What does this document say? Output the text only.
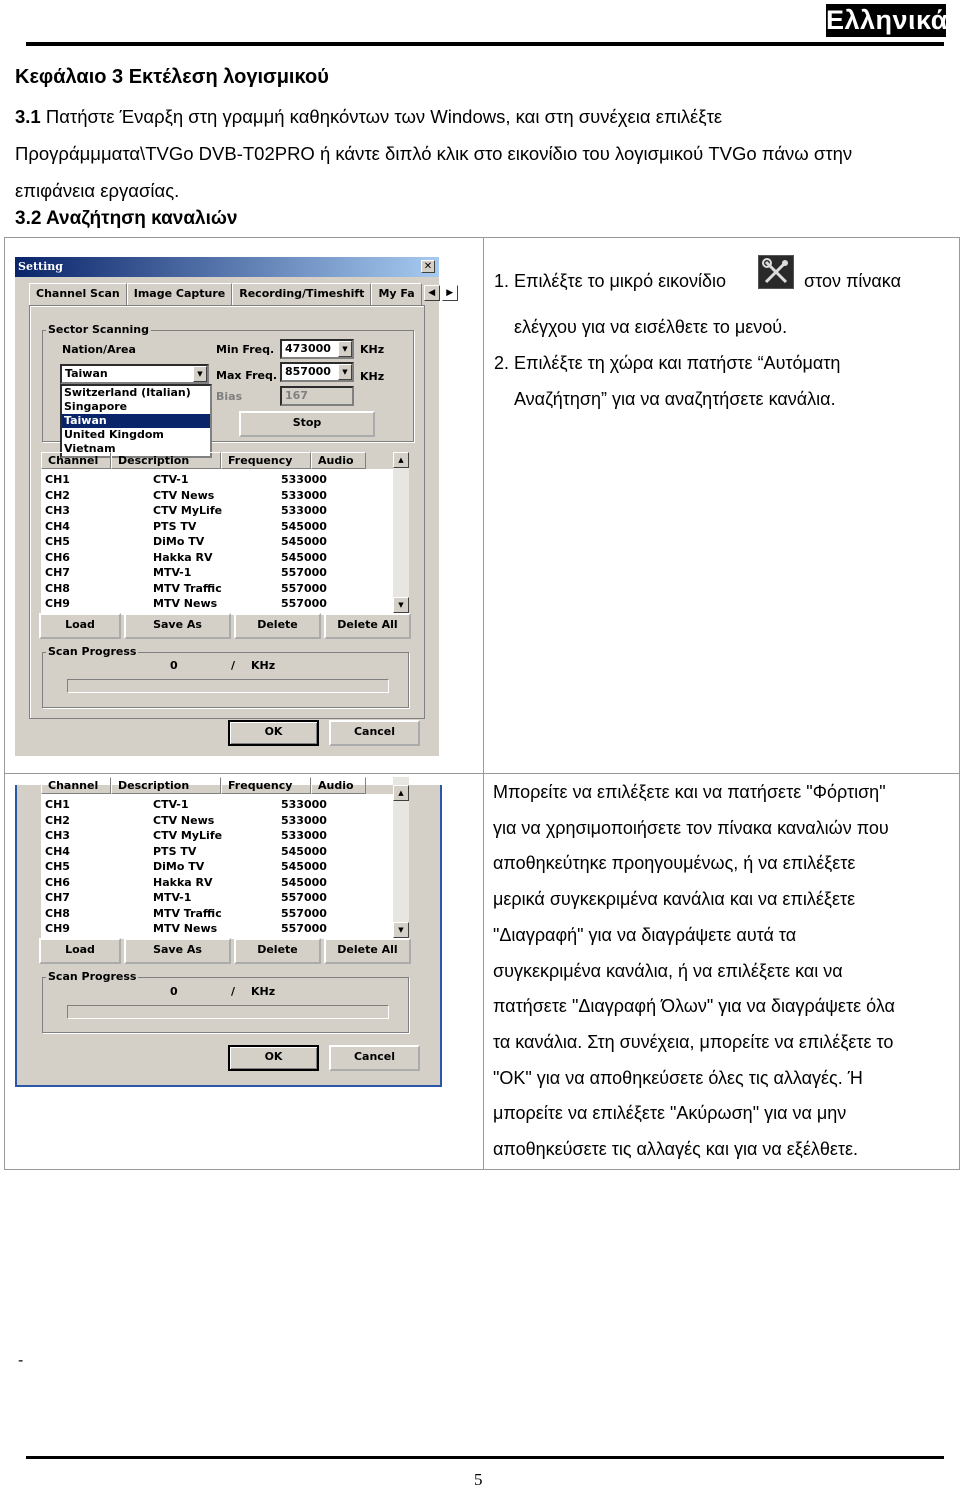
Ελληνικά
Κεφάλαιο 3 Εκτέλεση λογισμικού
3.1 Πατήστε Έναρξη στη γραμμή καθηκόντων των Windows, και στη συνέχεια επιλέξτε
Προγράμμματα\TVGo DVB-T02PRO ή κάντε διπλό κλικ στο εικονίδιο του λογισμικού TVGo πάνω στην
επιφάνεια εργασίας.
3.2 Αναζήτηση καναλιών

Setting	✕
Channel Scan	Image Capture	Recording/Timeshift	My Fa	◀	▶
Sector Scanning
Nation/Area
Taiwan	▼
Switzerland (Italian)
Singapore
Taiwan
United Kingdom
Vietnam
Min Freq. 473000	▼	KHz
Max Freq. 857000	▼	KHz
Bias	167
Stop
Channel	Description	Frequency	Audio	▲
▼
CH1	CTV-1	533000
CH2	CTV News	533000
CH3	CTV MyLife	533000
CH4	PTS TV	545000
CH5	DiMo TV	545000
CH6	Hakka RV	545000
CH7	MTV-1	557000
CH8	MTV Traffic	557000
CH9	MTV News	557000
Load	Save As	Delete	Delete All
Scan Progress
0	/ KHz
OK	Cancel
Channel	Description	Frequency	Audio
▲
▼
CH1	CTV-1	533000
CH2	CTV News	533000
CH3	CTV MyLife	533000
CH4	PTS TV	545000
CH5	DiMo TV	545000
CH6	Hakka RV	545000
CH7	MTV-1	557000
CH8	MTV Traffic	557000
CH9	MTV News	557000
Load	Save As	Delete	Delete All
Scan Progress
0	/ KHz
OK	Cancel
1. Επιλέξτε το μικρό εικονίδιο	στον πίνακα
ελέγχου για να εισέλθετε το μενού.
2. Επιλέξτε τη χώρα και πατήστε “Αυτόματη
Αναζήτηση” για να αναζητήσετε κανάλια.
Μπορείτε να επιλέξετε και να πατήσετε "Φόρτιση"
για να χρησιμοποιήσετε τον πίνακα καναλιών που
αποθηκεύτηκε προηγουμένως, ή να επιλέξετε
μερικά συγκεκριμένα κανάλια και να επιλέξετε
"Διαγραφή" για να διαγράψετε αυτά τα
συγκεκριμένα κανάλια, ή να επιλέξετε και να
πατήσετε "Διαγραφή Όλων" για να διαγράψετε όλα
τα κανάλια. Στη συνέχεια, μπορείτε να επιλέξετε το
"OK" για να αποθηκεύσετε όλες τις αλλαγές. Ή
μπορείτε να επιλέξετε "Ακύρωση" για να μην
αποθηκεύσετε τις αλλαγές και για να εξέλθετε.
-
5
